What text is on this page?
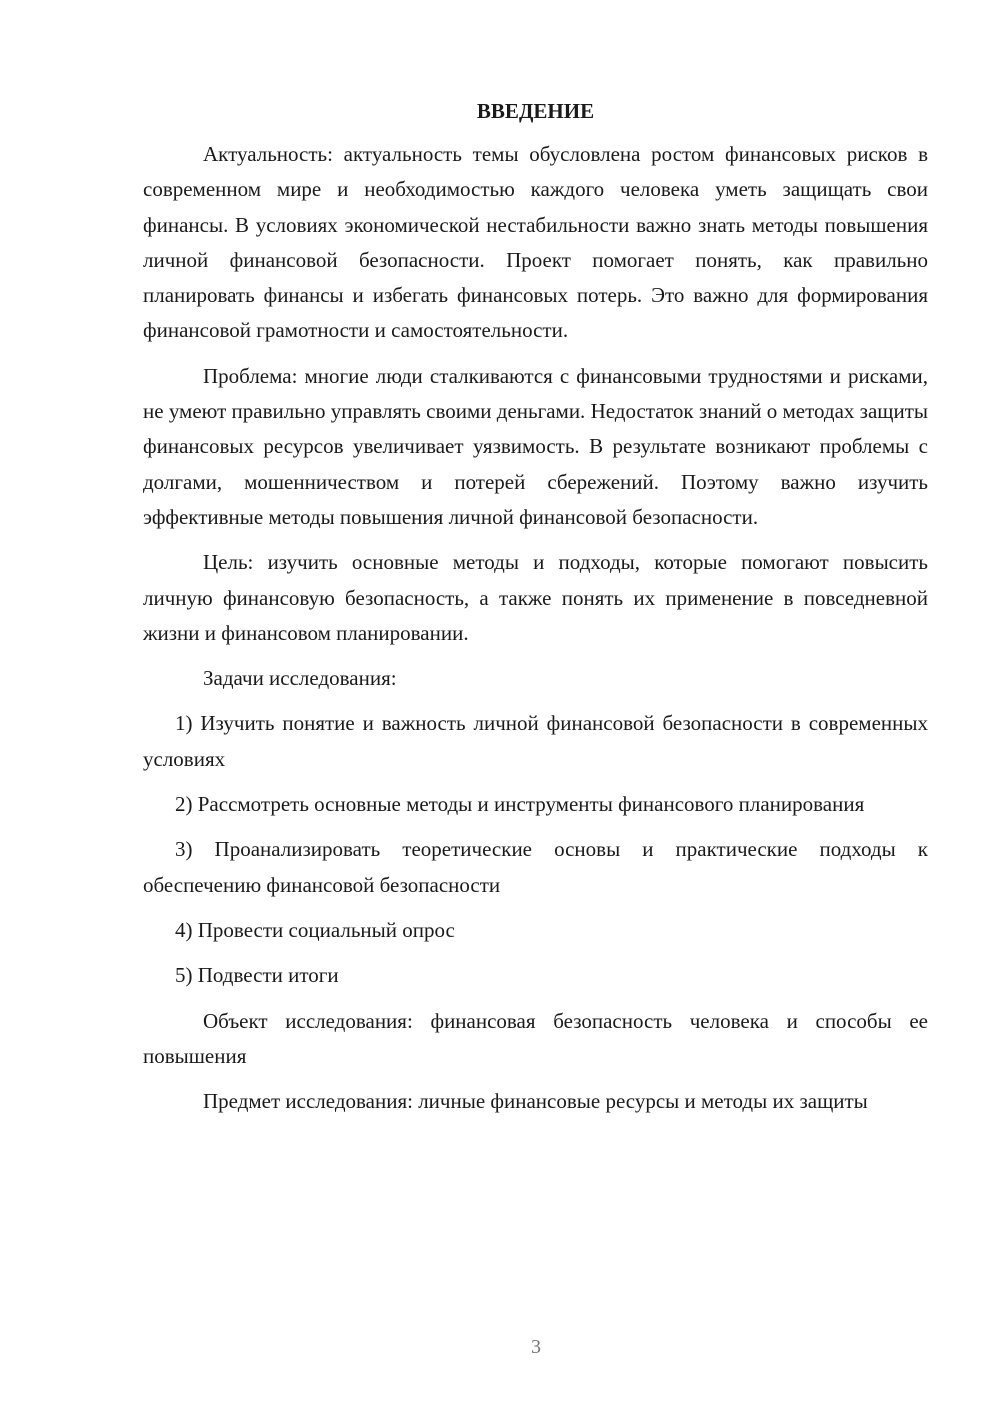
ВВЕДЕНИЕ

Актуальность: актуальность темы обусловлена ростом финансовых рисков в современном мире и необходимостью каждого человека уметь защищать свои финансы. В условиях экономической нестабильности важно знать методы повышения личной финансовой безопасности. Проект помогает понять, как правильно планировать финансы и избегать финансовых потерь. Это важно для формирования финансовой грамотности и самостоятельности.

Проблема: многие люди сталкиваются с финансовыми трудностями и рисками, не умеют правильно управлять своими деньгами. Недостаток знаний о методах защиты финансовых ресурсов увеличивает уязвимость. В результате возникают проблемы с долгами, мошенничеством и потерей сбережений. Поэтому важно изучить эффективные методы повышения личной финансовой безопасности.

Цель: изучить основные методы и подходы, которые помогают повысить личную финансовую безопасность, а также понять их применение в повседневной жизни и финансовом планировании.

Задачи исследования:

1) Изучить понятие и важность личной финансовой безопасности в современных условиях

2) Рассмотреть основные методы и инструменты финансового планирования

3) Проанализировать теоретические основы и практические подходы к обеспечению финансовой безопасности

4) Провести социальный опрос

5) Подвести итоги

Объект исследования: финансовая безопасность человека и способы ее повышения

Предмет исследования: личные финансовые ресурсы и методы их защиты

3
